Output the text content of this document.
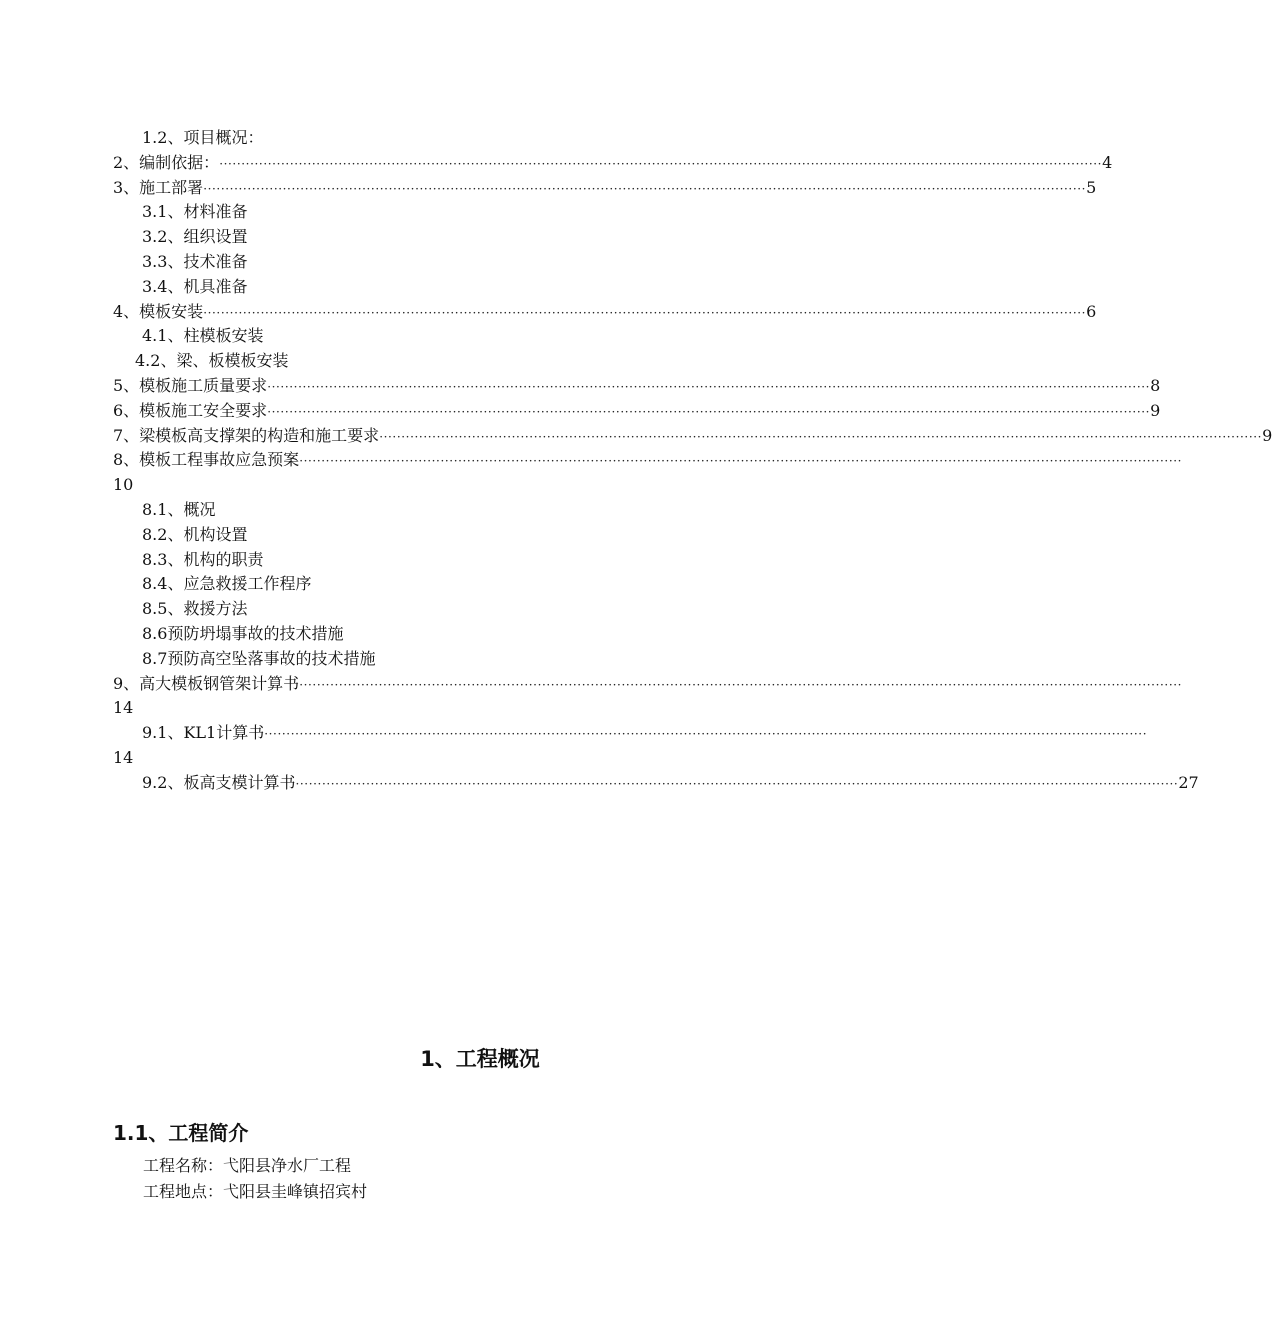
1.2、项目概况：
2、编制依据： ········································································································································································································ 4
3、施工部署 ········································································································································································································ 5
3.1、材料准备
3.2、组织设置
3.3、技术准备
3.4、机具准备
4、模板安装 ········································································································································································································ 6
4.1、柱模板安装
4.2、梁、板模板安装
5、模板施工质量要求 ········································································································································································································ 8
6、模板施工安全要求 ········································································································································································································ 9
7、梁模板高支撑架的构造和施工要求 ········································································································································································································ 9
8、模板工程事故应急预案 ········································································································································································································
10
8.1、概况
8.2、机构设置
8.3、机构的职责
8.4、应急救援工作程序
8.5、救援方法
8.6预防坍塌事故的技术措施
8.7预防高空坠落事故的技术措施
9、高大模板钢管架计算书 ········································································································································································································
14
9.1、KL1计算书 ········································································································································································································
14
9.2、板高支模计算书 ········································································································································································································ 27
1、工程概况
1.1、工程简介
工程名称：弋阳县净水厂工程
工程地点：弋阳县圭峰镇招宾村
